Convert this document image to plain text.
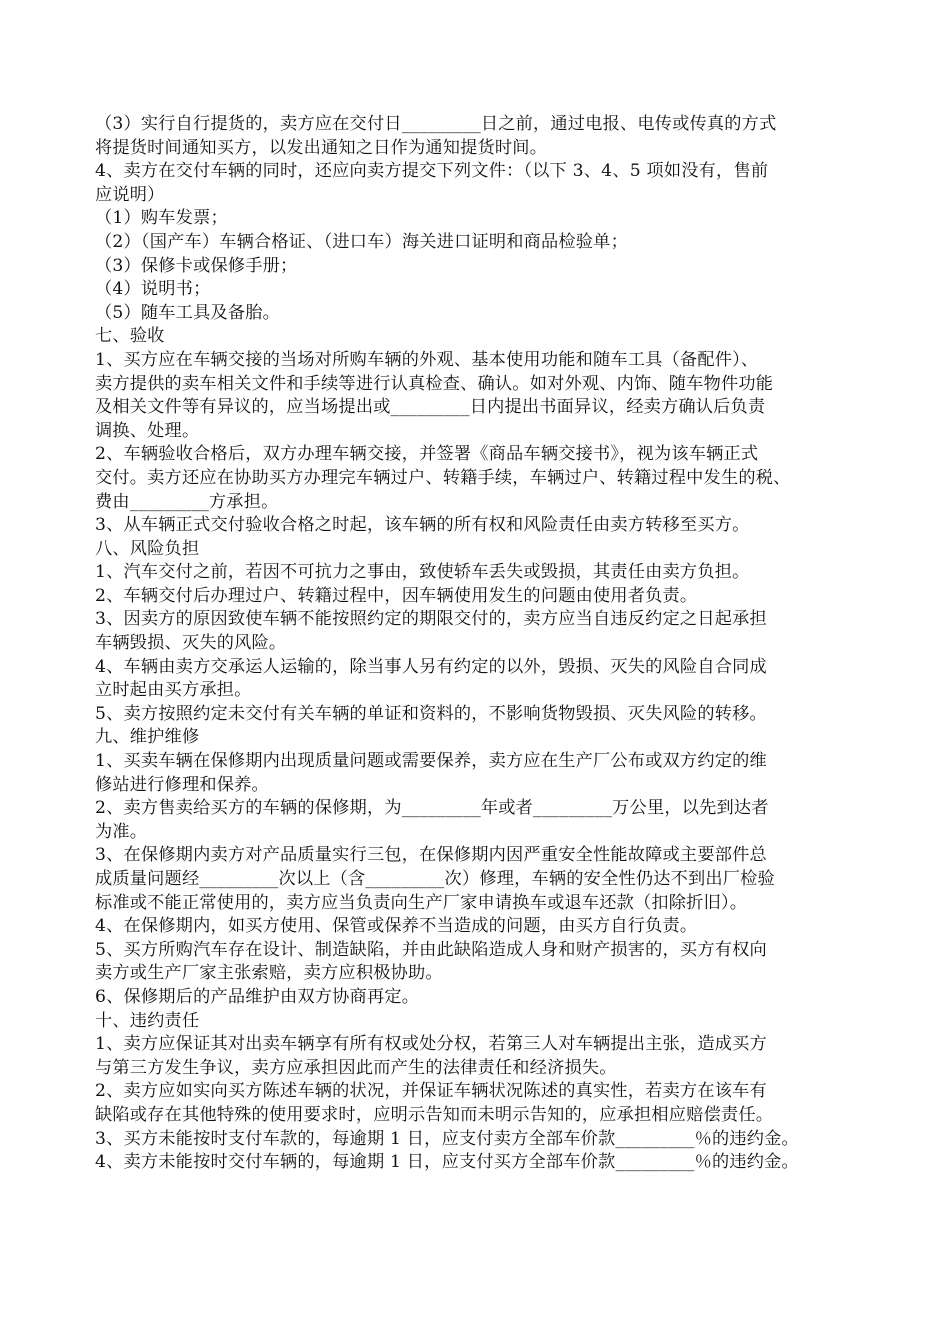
（3）实行自行提货的，卖方应在交付日_________日之前，通过电报、电传或传真的方式
将提货时间通知买方，以发出通知之日作为通知提货时间。
4、卖方在交付车辆的同时，还应向卖方提交下列文件：（以下 3、4、5 项如没有，售前
应说明）
（1）购车发票；
（2）（国产车）车辆合格证、（进口车）海关进口证明和商品检验单；
（3）保修卡或保修手册；
（4）说明书；
（5）随车工具及备胎。
七、验收
1、买方应在车辆交接的当场对所购车辆的外观、基本使用功能和随车工具（备配件）、
卖方提供的卖车相关文件和手续等进行认真检查、确认。如对外观、内饰、随车物件功能
及相关文件等有异议的，应当场提出或_________日内提出书面异议，经卖方确认后负责
调换、处理。
2、车辆验收合格后，双方办理车辆交接，并签署《商品车辆交接书》，视为该车辆正式
交付。卖方还应在协助买方办理完车辆过户、转籍手续，车辆过户、转籍过程中发生的税、
费由_________方承担。
3、从车辆正式交付验收合格之时起，该车辆的所有权和风险责任由卖方转移至买方。
八、风险负担
1、汽车交付之前，若因不可抗力之事由，致使轿车丢失或毁损，其责任由卖方负担。
2、车辆交付后办理过户、转籍过程中，因车辆使用发生的问题由使用者负责。
3、因卖方的原因致使车辆不能按照约定的期限交付的，卖方应当自违反约定之日起承担
车辆毁损、灭失的风险。
4、车辆由卖方交承运人运输的，除当事人另有约定的以外，毁损、灭失的风险自合同成
立时起由买方承担。
5、卖方按照约定未交付有关车辆的单证和资料的，不影响货物毁损、灭失风险的转移。
九、维护维修
1、买卖车辆在保修期内出现质量问题或需要保养，卖方应在生产厂公布或双方约定的维
修站进行修理和保养。
2、卖方售卖给买方的车辆的保修期，为_________年或者_________万公里，以先到达者
为准。
3、在保修期内卖方对产品质量实行三包，在保修期内因严重安全性能故障或主要部件总
成质量问题经_________次以上（含_________次）修理，车辆的安全性仍达不到出厂检验
标准或不能正常使用的，卖方应当负责向生产厂家申请换车或退车还款（扣除折旧）。
4、在保修期内，如买方使用、保管或保养不当造成的问题，由买方自行负责。
5、买方所购汽车存在设计、制造缺陷，并由此缺陷造成人身和财产损害的，买方有权向
卖方或生产厂家主张索赔，卖方应积极协助。
6、保修期后的产品维护由双方协商再定。
十、违约责任
1、卖方应保证其对出卖车辆享有所有权或处分权，若第三人对车辆提出主张，造成买方
与第三方发生争议，卖方应承担因此而产生的法律责任和经济损失。
2、卖方应如实向买方陈述车辆的状况，并保证车辆状况陈述的真实性，若卖方在该车有
缺陷或存在其他特殊的使用要求时，应明示告知而未明示告知的，应承担相应赔偿责任。
3、买方未能按时支付车款的，每逾期 1 日，应支付卖方全部车价款_________％的违约金。
4、卖方未能按时交付车辆的，每逾期 1 日，应支付买方全部车价款_________％的违约金。
